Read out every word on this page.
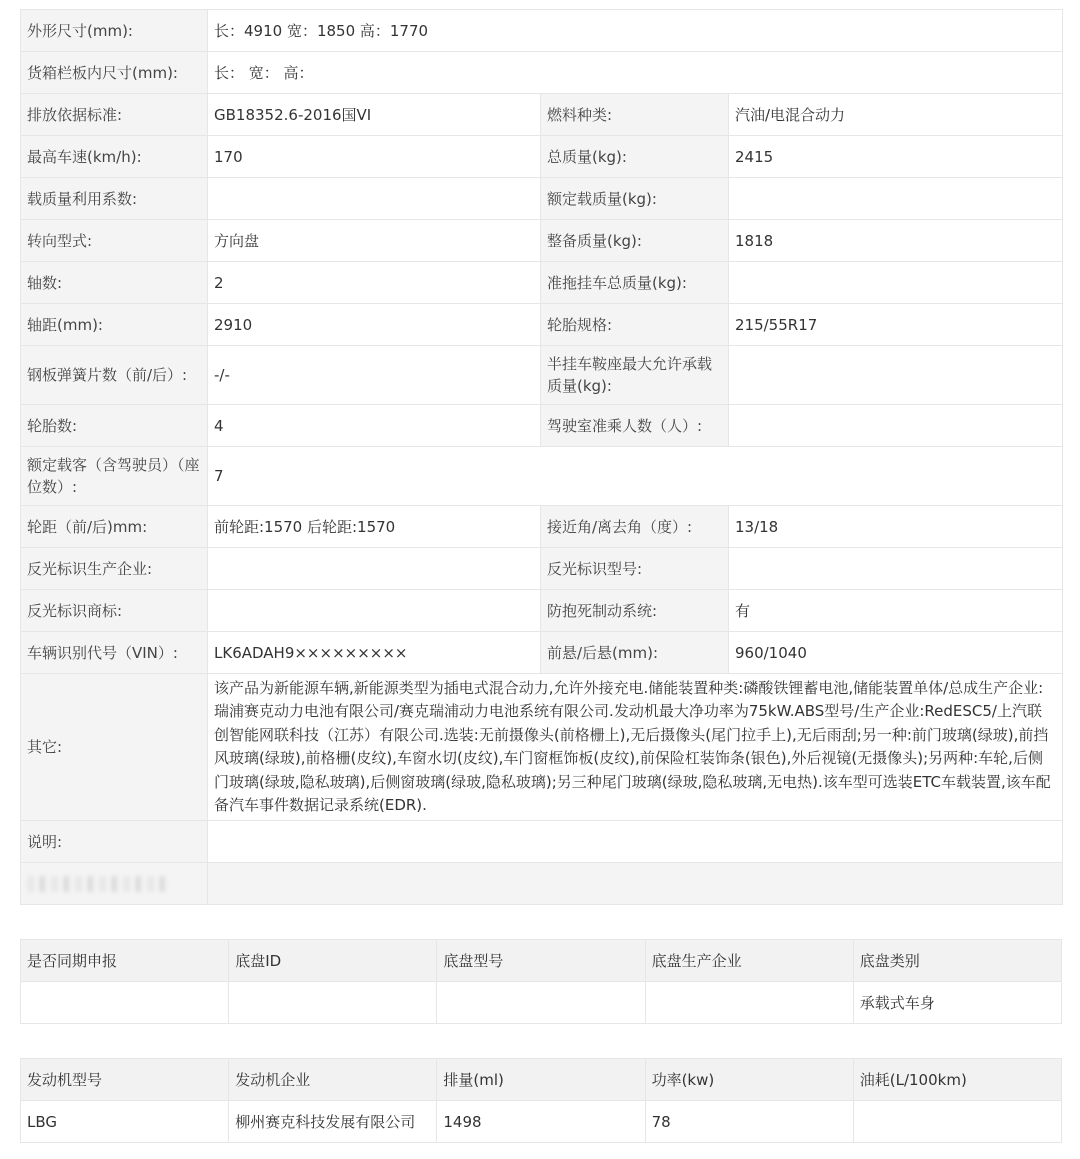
外形尺寸(mm):	长：4910 宽：1850 高：1770		
货箱栏板内尺寸(mm):	长： 宽： 高：		
排放依据标准:	GB18352.6-2016国VI	燃料种类:	汽油/电混合动力
最高车速(km/h):	170	总质量(kg):	2415
载质量利用系数:		额定载质量(kg):	
转向型式:	方向盘	整备质量(kg):	1818
轴数:	2	准拖挂车总质量(kg):	
轴距(mm):	2910	轮胎规格:	215/55R17
钢板弹簧片数（前/后）:	-/-	半挂车鞍座最大允许承载质量(kg):	
轮胎数:	4	驾驶室准乘人数（人）:	
额定载客（含驾驶员）（座位数）:	7		
轮距（前/后)mm:	前轮距:1570 后轮距:1570	接近角/离去角（度）:	13/18
反光标识生产企业:		反光标识型号:	
反光标识商标:		防抱死制动系统:	有
车辆识别代号（VIN）:	LK6ADAH9×××××××××	前悬/后悬(mm):	960/1040
其它:	该产品为新能源车辆,新能源类型为插电式混合动力,允许外接充电.储能装置种类:磷酸铁锂蓄电池,储能装置单体/总成生产企业:瑞浦赛克动力电池有限公司/赛克瑞浦动力电池系统有限公司.发动机最大净功率为75kW.ABS型号/生产企业:RedESC5/上汽联创智能网联科技（江苏）有限公司.选装:无前摄像头(前格栅上),无后摄像头(尾门拉手上),无后雨刮;另一种:前门玻璃(绿玻),前挡风玻璃(绿玻),前格栅(皮纹),车窗水切(皮纹),车门窗框饰板(皮纹),前保险杠装饰条(银色),外后视镜(无摄像头);另两种:车轮,后侧门玻璃(绿玻,隐私玻璃),后侧窗玻璃(绿玻,隐私玻璃);另三种尾门玻璃(绿玻,隐私玻璃,无电热).该车型可选装ETC车载装置,该车配备汽车事件数据记录系统(EDR).		
说明:			

是否同期申报	底盘ID	底盘型号	底盘生产企业	底盘类别
				承载式车身
发动机型号	发动机企业	排量(ml)	功率(kw)	油耗(L/100km)
LBG	柳州赛克科技发展有限公司	1498	78	
